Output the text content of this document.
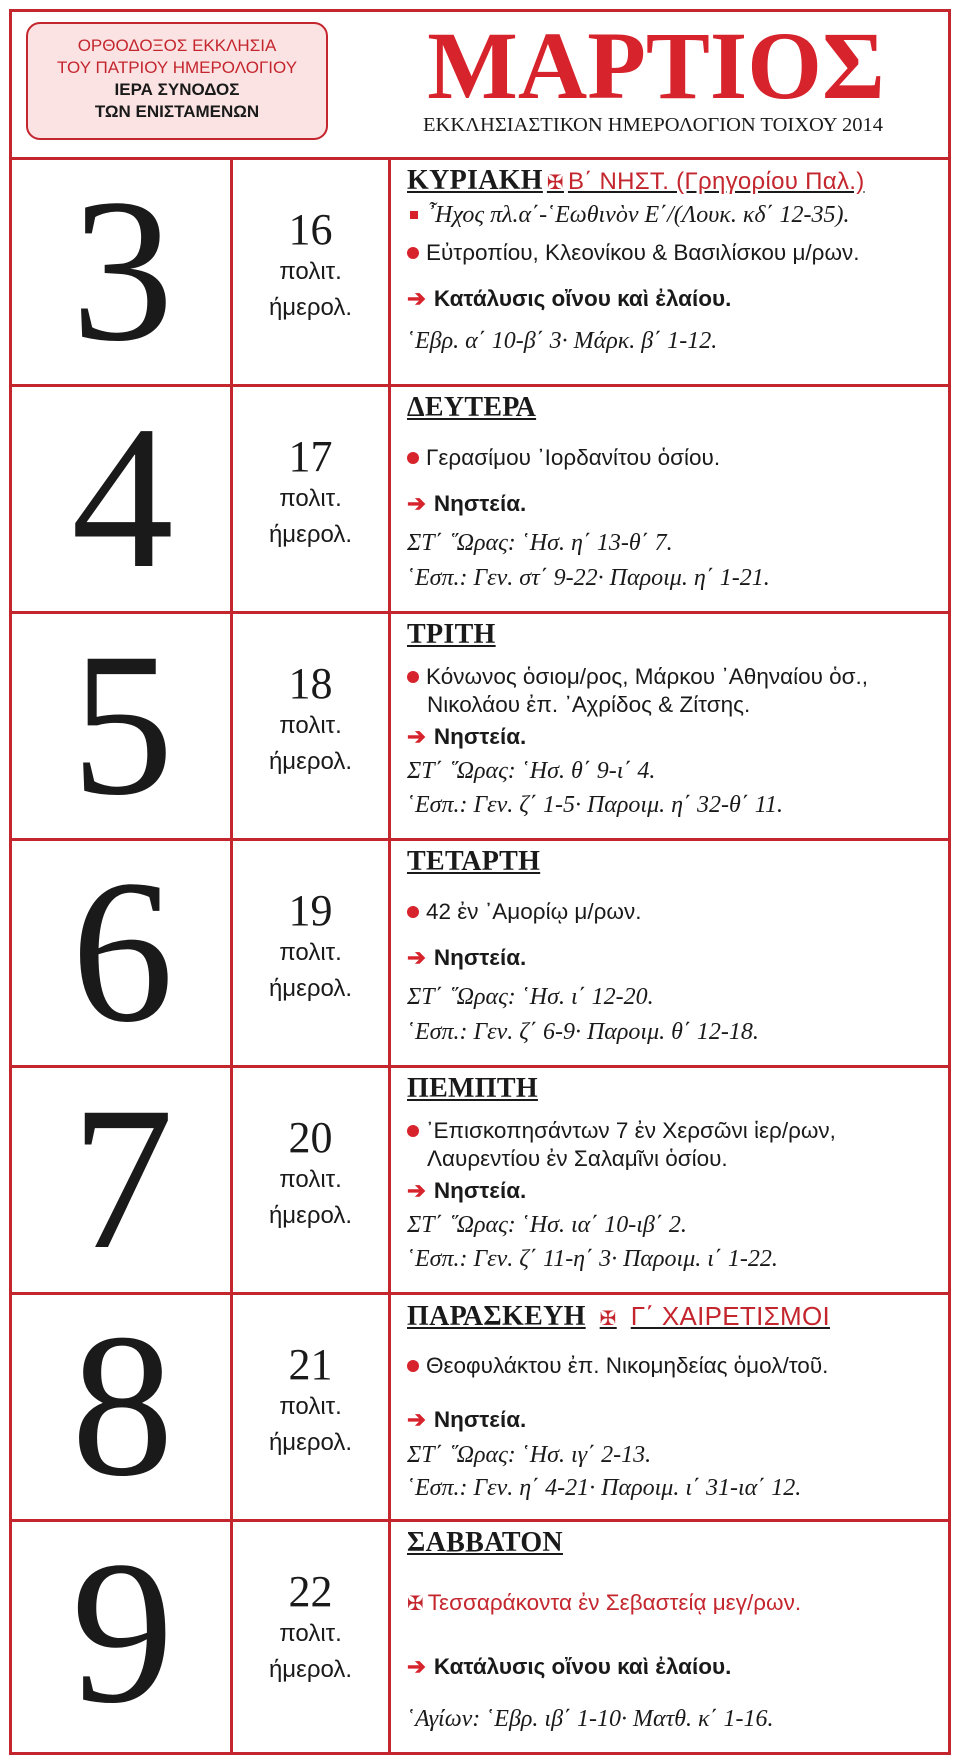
ΟΡΘΟΔΟΞΟΣ ΕΚΚΛΗΣΙΑ
ΤΟΥ ΠΑΤΡΙΟΥ ΗΜΕΡΟΛΟΓΙΟΥ
ΙΕΡΑ ΣΥΝΟΔΟΣ
ΤΩΝ ΕΝΙΣΤΑΜΕΝΩΝ	ΜΑΡΤΙΟΣ
ΕΚΚΛΗΣΙΑΣΤΙΚΟΝ ΗΜΕΡΟΛΟΓΙΟΝ ΤΟΙΧΟΥ 2014
3	16
πολιτ.
ήμερολ.
ΚΥΡΙΑΚΗ ✠ Β΄ ΝΗΣΤ. (Γρηγορίου Παλ.)
῏Ηχος πλ.α΄-῾Εωθινὸν Ε΄/(Λουκ. κδ΄ 12-35).
Εὐτροπίου, Κλεονίκου & Βασιλίσκου μ/ρων.
➔ Κατάλυσις οἴνου καὶ ἐλαίου.
῾Εβρ. α΄ 10-β΄ 3· Μάρκ. β΄ 1-12.
4	17
πολιτ.
ήμερολ.
ΔΕΥΤΕΡΑ
Γερασίμου ᾿Ιορδανίτου ὁσίου.
➔ Νηστεία.
ΣΤ΄ ῞Ωρας: ῾Ησ. η΄ 13-θ΄ 7.
῾Εσπ.: Γεν. στ΄ 9-22· Παροιμ. η΄ 1-21.
5	18
πολιτ.
ήμερολ.
ΤΡΙΤΗ
Κόνωνος ὁσιομ/ρος, Μάρκου ᾿Αθηναίου ὁσ.,
Νικολάου ἐπ. ᾿Αχρίδος & Ζίτσης.
➔ Νηστεία.
ΣΤ΄ ῞Ωρας: ῾Ησ. θ΄ 9-ι΄ 4.
῾Εσπ.: Γεν. ζ΄ 1-5· Παροιμ. η΄ 32-θ΄ 11.
6	19
πολιτ.
ήμερολ.
ΤΕΤΑΡΤΗ
42 ἐν ᾿Αμορίῳ μ/ρων.
➔ Νηστεία.
ΣΤ΄ ῞Ωρας: ῾Ησ. ι΄ 12-20.
῾Εσπ.: Γεν. ζ΄ 6-9· Παροιμ. θ΄ 12-18.
7	20
πολιτ.
ήμερολ.
ΠΕΜΠΤΗ
᾿Επισκοπησάντων 7 ἐν Χερσῶνι ἱερ/ρων,
Λαυρεντίου ἐν Σαλαμῖνι ὁσίου.
➔ Νηστεία.
ΣΤ΄ ῞Ωρας: ῾Ησ. ια΄ 10-ιβ΄ 2.
῾Εσπ.: Γεν. ζ΄ 11-η΄ 3· Παροιμ. ι΄ 1-22.
8	21
πολιτ.
ήμερολ.
ΠΑΡΑΣΚΕΥΗ ✠ Γ΄ ΧΑΙΡΕΤΙΣΜΟΙ
Θεοφυλάκτου ἐπ. Νικομηδείας ὁμολ/τοῦ.
➔ Νηστεία.
ΣΤ΄ ῞Ωρας: ῾Ησ. ιγ΄ 2-13.
῾Εσπ.: Γεν. η΄ 4-21· Παροιμ. ι΄ 31-ια΄ 12.
9	22
πολιτ.
ήμερολ.
ΣΑΒΒΑΤΟΝ
✠ Τεσσαράκοντα ἐν Σεβαστείᾳ μεγ/ρων.
➔ Κατάλυσις οἴνου καὶ ἐλαίου.
῾Αγίων: ῾Εβρ. ιβ΄ 1-10· Ματθ. κ΄ 1-16.
